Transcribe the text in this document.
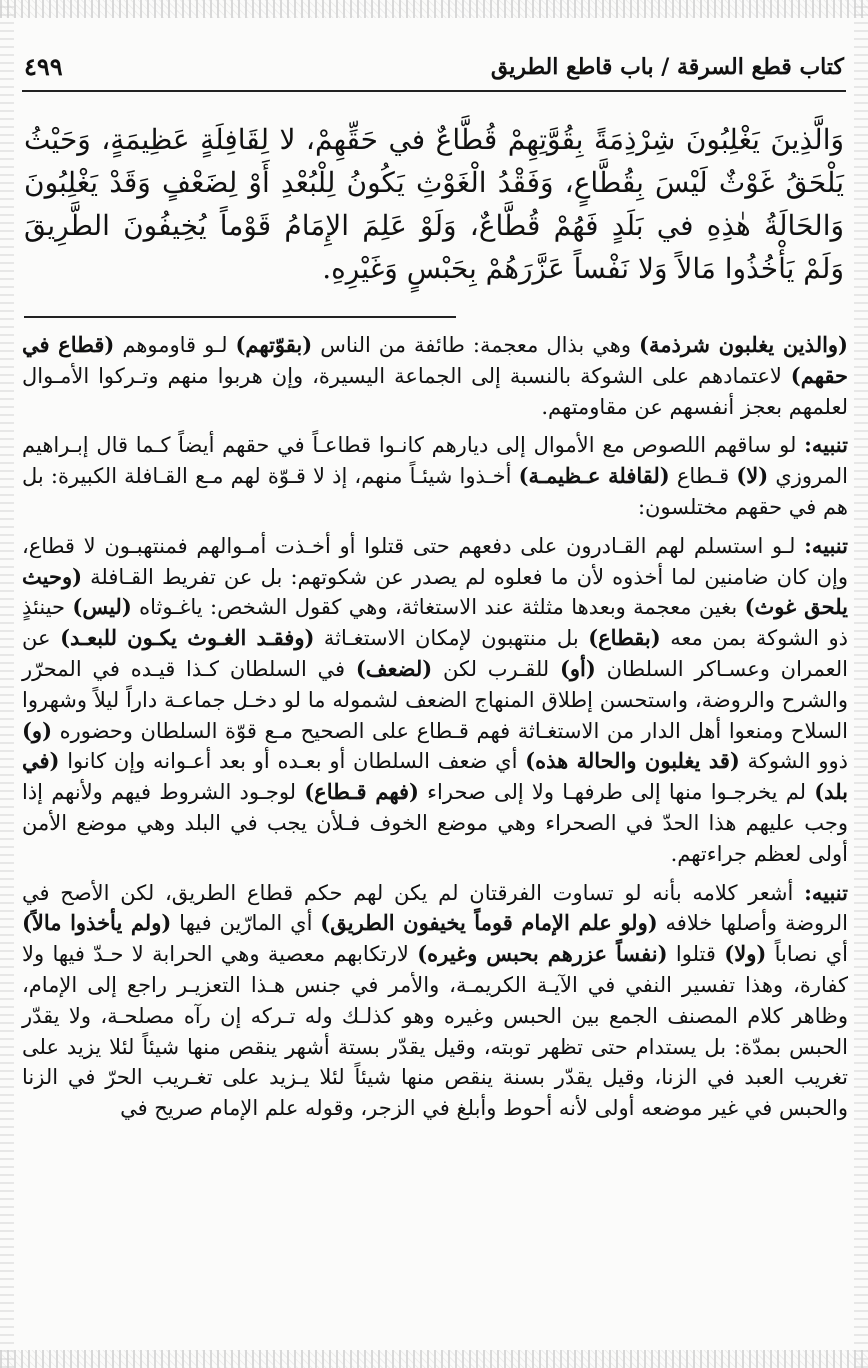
كتاب قطع السرقة / باب قاطع الطريق
٤٩٩
وَالَّذِينَ يَغْلِبُونَ شِرْذِمَةً بِقُوَّتِهِمْ قُطَّاعٌ في حَقِّهِمْ، لا لِقَافِلَةٍ عَظِيمَةٍ، وَحَيْثُ يَلْحَقُ غَوْثٌ لَيْسَ بِقُطَّاعٍ، وَفَقْدُ الْغَوْثِ يَكُونُ لِلْبُعْدِ أَوْ لِضَعْفٍ وَقَدْ يَغْلِبُونَ وَالحَالَةُ هٰذِهِ في بَلَدٍ فَهُمْ قُطَّاعٌ، وَلَوْ عَلِمَ الإِمَامُ قَوْماً يُخِيفُونَ الطَّرِيقَ وَلَمْ يَأْخُذُوا مَالاً وَلا نَفْساً عَزَّرَهُمْ بِحَبْسٍ وَغَيْرِهِ.

(والذين يغلبون شرذمة) وهي بذال معجمة: طائفة من الناس (بقوّتهم) لـو قاوموهم (قطاع في حقهم) لاعتمادهم على الشوكة بالنسبة إلى الجماعة اليسيرة، وإن هربوا منهم وتـركوا الأمـوال لعلمهم بعجز أنفسهم عن مقاومتهم.

تنبيه: لو ساقهم اللصوص مع الأموال إلى ديارهم كانـوا قطاعـاً في حقهم أيضاً كـما قال إبـراهيم المروزي (لا) قـطاع (لقافلة عـظيمـة) أخـذوا شيئـاً منهم، إذ لا قـوّة لهم مـع القـافلة الكبيرة: بل هم في حقهم مختلسون:

تنبيه: لـو استسلم لهم القـادرون على دفعهم حتى قتلوا أو أخـذت أمـوالهم فمنتهبـون لا قطاع، وإن كان ضامنين لما أخذوه لأن ما فعلوه لم يصدر عن شكوتهم: بل عن تفريط القـافلة (وحيث يلحق غوث) بغين معجمة وبعدها مثلثة عند الاستغاثة، وهي كقول الشخص: ياغـوثاه (ليس) حينئذٍ ذو الشوكة بمن معه (بقطاع) بل منتهبون لإمكان الاستغـاثة (وفقـد الغـوث يكـون للبعـد) عن العمران وعسـاكر السلطان (أو) للقـرب لكن (لضعف) في السلطان كـذا قيـده في المحرّر والشرح والروضة، واستحسن إطلاق المنهاج الضعف لشموله ما لو دخـل جماعـة داراً ليلاً وشهروا السلاح ومنعوا أهل الدار من الاستغـاثة فهم قـطاع على الصحيح مـع قوّة السلطان وحضوره (و) ذوو الشوكة (قد يغلبون والحالة هذه) أي ضعف السلطان أو بعـده أو بعد أعـوانه وإن كانوا (في بلد) لم يخرجـوا منها إلى طرفهـا ولا إلى صحراء (فهم قـطاع) لوجـود الشروط فيهم ولأنهم إذا وجب عليهم هذا الحدّ في الصحراء وهي موضع الخوف فـلأن يجب في البلد وهي موضع الأمن أولى لعظم جراءتهم.

تنبيه: أشعر كلامه بأنه لو تساوت الفرقتان لم يكن لهم حكم قطاع الطريق، لكن الأصح في الروضة وأصلها خلافه (ولو علم الإمام قوماً يخيفون الطريق) أي المارّين فيها (ولم يأخذوا مالاً) أي نصاباً (ولا) قتلوا (نفساً عزرهم بحبس وغيره) لارتكابهم معصية وهي الحرابة لا حـدّ فيها ولا كفارة، وهذا تفسير النفي في الآيـة الكريمـة، والأمر في جنس هـذا التعزيـر راجع إلى الإمام، وظاهر كلام المصنف الجمع بين الحبس وغيره وهو كذلـك وله تـركه إن رآه مصلحـة، ولا يقدّر الحبس بمدّة: بل يستدام حتى تظهر توبته، وقيل يقدّر بستة أشهر ينقص منها شيئاً لئلا يزيد على تغريب العبد في الزنا، وقيل يقدّر بسنة ينقص منها شيئاً لئلا يـزيد على تغـريب الحرّ في الزنا والحبس في غير موضعه أولى لأنه أحوط وأبلغ في الزجر، وقوله علم الإمام صريح في
